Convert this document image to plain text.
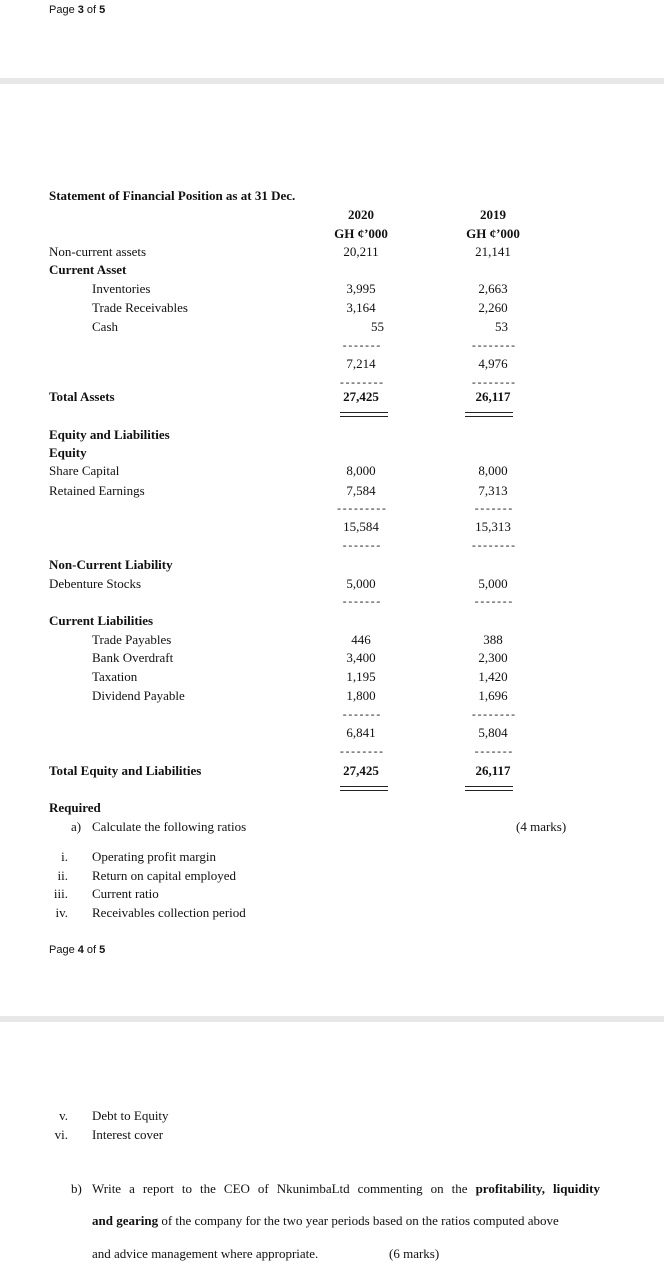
Page 3 of 5
Statement of Financial Position as at 31 Dec.
2020	2019
GH ¢’000	GH ¢’000
Non-current assets	20,211	21,141
Current Asset
Inventories	3,995	2,663
Trade Receivables	3,164	2,260
Cash	55	53
-------	--------
7,214	4,976
--------	--------
Total Assets	27,425	26,117
Equity and Liabilities
Equity
Share Capital	8,000	8,000
Retained Earnings	7,584	7,313
---------	-------
15,584	15,313
-------	--------
Non-Current Liability
Debenture Stocks	5,000	5,000
-------	-------
Current Liabilities
Trade Payables	446	388
Bank Overdraft	3,400	2,300
Taxation	1,195	1,420
Dividend Payable	1,800	1,696
-------	--------
6,841	5,804
--------	-------
Total Equity and Liabilities	27,425	26,117
Required
a) Calculate the following ratios	(4 marks)
i. Operating profit margin
ii. Return on capital employed
iii. Current ratio
iv. Receivables collection period
Page 4 of 5
v. Debt to Equity
vi. Interest cover
b) Write a report to the CEO of NkunimbaLtd commenting on the profitability, liquidity
and gearing of the company for the two year periods based on the ratios computed above
and advice management where appropriate.	(6 marks)
